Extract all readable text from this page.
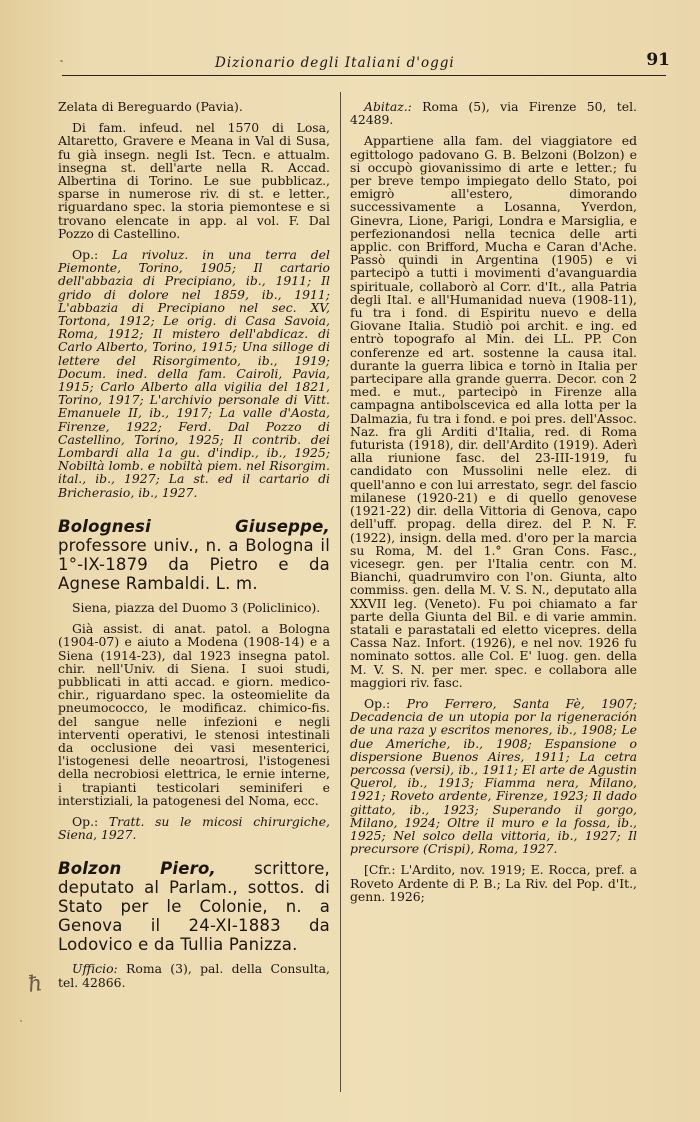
Dizionario degli Italiani d'oggi	91

Zelata di Bereguardo (Pavia).

Di fam. infeud. nel 1570 di Losa, Altaretto, Gravere e Meana in Val di Susa, fu già insegn. negli Ist. Tecn. e attualm. insegna st. dell'arte nella R. Accad. Albertina di Torino. Le sue pubblicaz., sparse in numerose riv. di st. e letter., riguardano spec. la storia piemontese e si trovano elencate in app. al vol. F. Dal Pozzo di Castellino.

Op.: La rivoluz. in una terra del Piemonte, Torino, 1905; Il cartario dell'abbazia di Precipiano, ib., 1911; Il grido di dolore nel 1859, ib., 1911; L'abbazia di Precipiano nel sec. XV, Tortona, 1912; Le orig. di Casa Savoia, Roma, 1912; Il mistero dell'abdicaz. di Carlo Alberto, Torino, 1915; Una silloge di lettere del Risorgimento, ib., 1919; Docum. ined. della fam. Cairoli, Pavia, 1915; Carlo Alberto alla vigilia del 1821, Torino, 1917; L'archivio personale di Vitt. Emanuele II, ib., 1917; La valle d'Aosta, Firenze, 1922; Ferd. Dal Pozzo di Castellino, Torino, 1925; Il contrib. dei Lombardi alla 1a gu. d'indip., ib., 1925; Nobiltà lomb. e nobiltà piem. nel Risorgim. ital., ib., 1927; La st. ed il cartario di Bricherasio, ib., 1927.

Bolognesi Giuseppe, professore univ., n. a Bologna il 1°-IX-1879 da Pietro e da Agnese Rambaldi. L. m.

Siena, piazza del Duomo 3 (Policlinico).

Già assist. di anat. patol. a Bologna (1904-07) e aiuto a Modena (1908-14) e a Siena (1914-23), dal 1923 insegna patol. chir. nell'Univ. di Siena. I suoi studi, pubblicati in atti accad. e giorn. medico-chir., riguardano spec. la osteomielite da pneumococco, le modificaz. chimico-fis. del sangue nelle infezioni e negli interventi operativi, le stenosi intestinali da occlusione dei vasi mesenterici, l'istogenesi delle neoartrosi, l'istogenesi della necrobiosi elettrica, le ernie interne, i trapianti testicolari seminiferi e interstiziali, la patogenesi del Noma, ecc.

Op.: Tratt. su le micosi chirurgiche, Siena, 1927.

Bolzon Piero, scrittore, deputato al Parlam., sottos. di Stato per le Colonie, n. a Genova il 24-XI-1883 da Lodovico e da Tullia Panizza.

Ufficio: Roma (3), pal. della Consulta, tel. 42866.

Abitaz.: Roma (5), via Firenze 50, tel. 42489.

Appartiene alla fam. del viaggiatore ed egittologo padovano G. B. Belzoni (Bolzon) e si occupò giovanissimo di arte e letter.; fu per breve tempo impiegato dello Stato, poi emigrò all'estero, dimorando successivamente a Losanna, Yverdon, Ginevra, Lione, Parigi, Londra e Marsiglia, e perfezionandosi nella tecnica delle arti applic. con Brifford, Mucha e Caran d'Ache. Passò quindi in Argentina (1905) e vi partecipò a tutti i movimenti d'avanguardia spirituale, collaborò al Corr. d'It., alla Patria degli Ital. e all'Humanidad nueva (1908-11), fu tra i fond. di Espiritu nuevo e della Giovane Italia. Studiò poi archit. e ing. ed entrò topografo al Min. dei LL. PP. Con conferenze ed art. sostenne la causa ital. durante la guerra libica e tornò in Italia per partecipare alla grande guerra. Decor. con 2 med. e mut., partecipò in Firenze alla campagna antibolscevica ed alla lotta per la Dalmazia, fu tra i fond. e poi pres. dell'Assoc. Naz. fra gli Arditi d'Italia, red. di Roma futurista (1918), dir. dell'Ardito (1919). Aderì alla riunione fasc. del 23-III-1919, fu candidato con Mussolini nelle elez. di quell'anno e con lui arrestato, segr. del fascio milanese (1920-21) e di quello genovese (1921-22) dir. della Vittoria di Genova, capo dell'uff. propag. della direz. del P. N. F. (1922), insign. della med. d'oro per la marcia su Roma, M. del 1.° Gran Cons. Fasc., vicesegr. gen. per l'Italia centr. con M. Bianchi, quadrumviro con l'on. Giunta, alto commiss. gen. della M. V. S. N., deputato alla XXVII leg. (Veneto). Fu poi chiamato a far parte della Giunta del Bil. e di varie ammin. statali e parastatali ed eletto vicepres. della Cassa Naz. Infort. (1926), e nel nov. 1926 fu nominato sottos. alle Col. E' luog. gen. della M. V. S. N. per mer. spec. e collabora alle maggiori riv. fasc.

Op.: Pro Ferrero, Santa Fè, 1907; Decadencia de un utopia por la rigeneración de una raza y escritos menores, ib., 1908; Le due Americhe, ib., 1908; Espansione o dispersione Buenos Aires, 1911; La cetra percossa (versi), ib., 1911; El arte de Agustin Querol, ib., 1913; Fiamma nera, Milano, 1921; Roveto ardente, Firenze, 1923; Il dado gittato, ib., 1923; Superando il gorgo, Milano, 1924; Oltre il muro e la fossa, ib., 1925; Nel solco della vittoria, ib., 1927; Il precursore (Crispi), Roma, 1927.

[Cfr.: L'Ardito, nov. 1919; E. Rocca, pref. a Roveto Ardente di P. B.; La Riv. del Pop. d'It., genn. 1926;

ħ
